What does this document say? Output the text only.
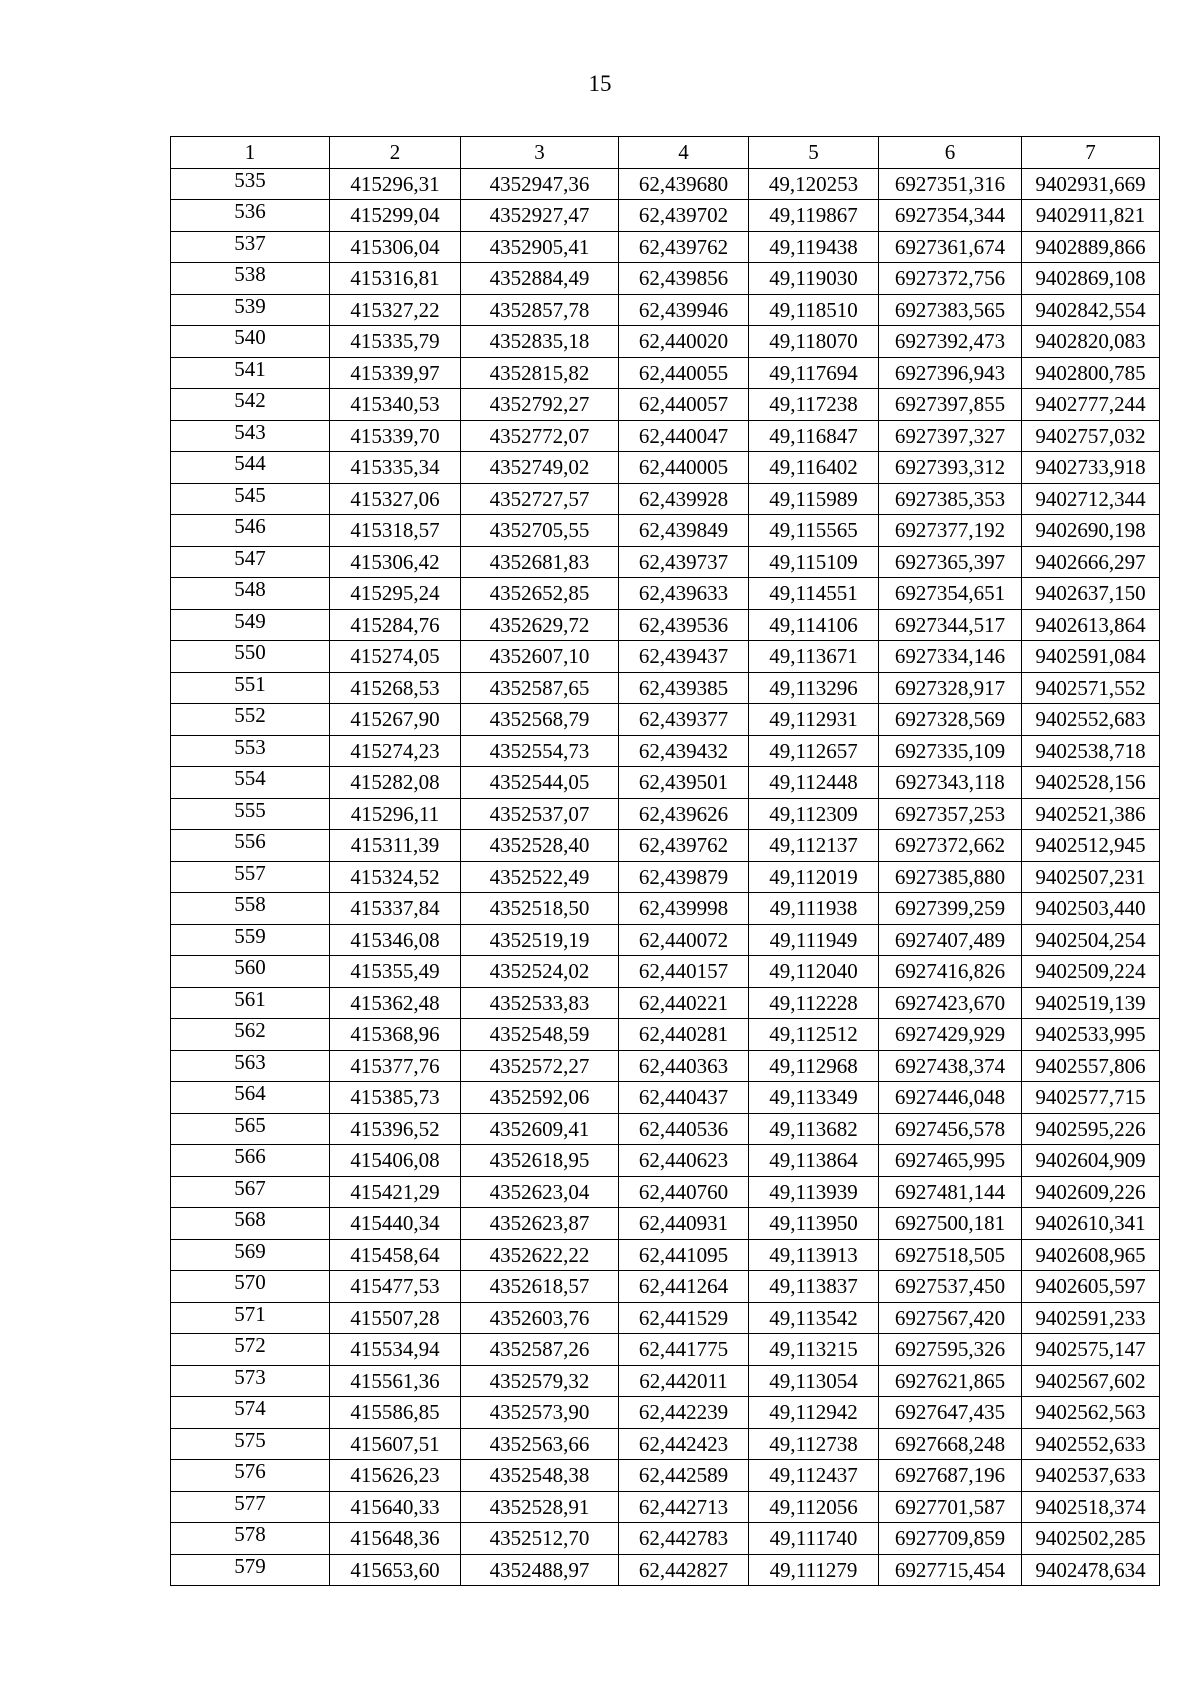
15
1	2	3	4	5	6	7
535	415296,31	4352947,36	62,439680	49,120253	6927351,316	9402931,669
536	415299,04	4352927,47	62,439702	49,119867	6927354,344	9402911,821
537	415306,04	4352905,41	62,439762	49,119438	6927361,674	9402889,866
538	415316,81	4352884,49	62,439856	49,119030	6927372,756	9402869,108
539	415327,22	4352857,78	62,439946	49,118510	6927383,565	9402842,554
540	415335,79	4352835,18	62,440020	49,118070	6927392,473	9402820,083
541	415339,97	4352815,82	62,440055	49,117694	6927396,943	9402800,785
542	415340,53	4352792,27	62,440057	49,117238	6927397,855	9402777,244
543	415339,70	4352772,07	62,440047	49,116847	6927397,327	9402757,032
544	415335,34	4352749,02	62,440005	49,116402	6927393,312	9402733,918
545	415327,06	4352727,57	62,439928	49,115989	6927385,353	9402712,344
546	415318,57	4352705,55	62,439849	49,115565	6927377,192	9402690,198
547	415306,42	4352681,83	62,439737	49,115109	6927365,397	9402666,297
548	415295,24	4352652,85	62,439633	49,114551	6927354,651	9402637,150
549	415284,76	4352629,72	62,439536	49,114106	6927344,517	9402613,864
550	415274,05	4352607,10	62,439437	49,113671	6927334,146	9402591,084
551	415268,53	4352587,65	62,439385	49,113296	6927328,917	9402571,552
552	415267,90	4352568,79	62,439377	49,112931	6927328,569	9402552,683
553	415274,23	4352554,73	62,439432	49,112657	6927335,109	9402538,718
554	415282,08	4352544,05	62,439501	49,112448	6927343,118	9402528,156
555	415296,11	4352537,07	62,439626	49,112309	6927357,253	9402521,386
556	415311,39	4352528,40	62,439762	49,112137	6927372,662	9402512,945
557	415324,52	4352522,49	62,439879	49,112019	6927385,880	9402507,231
558	415337,84	4352518,50	62,439998	49,111938	6927399,259	9402503,440
559	415346,08	4352519,19	62,440072	49,111949	6927407,489	9402504,254
560	415355,49	4352524,02	62,440157	49,112040	6927416,826	9402509,224
561	415362,48	4352533,83	62,440221	49,112228	6927423,670	9402519,139
562	415368,96	4352548,59	62,440281	49,112512	6927429,929	9402533,995
563	415377,76	4352572,27	62,440363	49,112968	6927438,374	9402557,806
564	415385,73	4352592,06	62,440437	49,113349	6927446,048	9402577,715
565	415396,52	4352609,41	62,440536	49,113682	6927456,578	9402595,226
566	415406,08	4352618,95	62,440623	49,113864	6927465,995	9402604,909
567	415421,29	4352623,04	62,440760	49,113939	6927481,144	9402609,226
568	415440,34	4352623,87	62,440931	49,113950	6927500,181	9402610,341
569	415458,64	4352622,22	62,441095	49,113913	6927518,505	9402608,965
570	415477,53	4352618,57	62,441264	49,113837	6927537,450	9402605,597
571	415507,28	4352603,76	62,441529	49,113542	6927567,420	9402591,233
572	415534,94	4352587,26	62,441775	49,113215	6927595,326	9402575,147
573	415561,36	4352579,32	62,442011	49,113054	6927621,865	9402567,602
574	415586,85	4352573,90	62,442239	49,112942	6927647,435	9402562,563
575	415607,51	4352563,66	62,442423	49,112738	6927668,248	9402552,633
576	415626,23	4352548,38	62,442589	49,112437	6927687,196	9402537,633
577	415640,33	4352528,91	62,442713	49,112056	6927701,587	9402518,374
578	415648,36	4352512,70	62,442783	49,111740	6927709,859	9402502,285
579	415653,60	4352488,97	62,442827	49,111279	6927715,454	9402478,634
